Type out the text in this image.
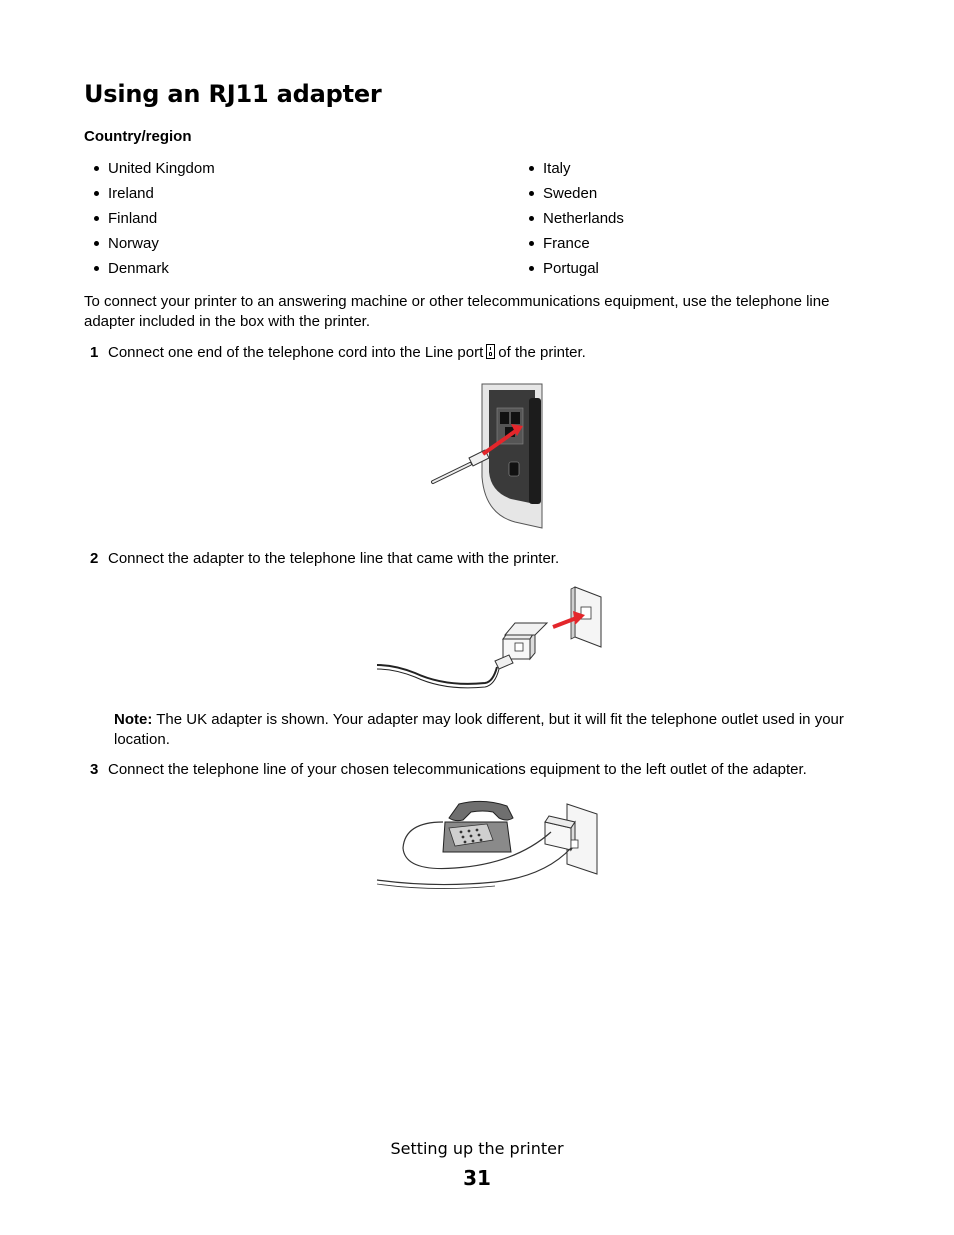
Using an RJ11 adapter
Country/region
United Kingdom
Ireland
Finland
Norway
Denmark
Italy
Sweden
Netherlands
France
Portugal

To connect your printer to an answering machine or other telecommunications equipment, use the telephone line adapter included in the box with the printer.

1 Connect one end of the telephone cord into the Line port of the printer.
2 Connect the adapter to the telephone line that came with the printer.

Note: The UK adapter is shown. Your adapter may look different, but it will fit the telephone outlet used in your location.

3 Connect the telephone line of your chosen telecommunications equipment to the left outlet of the adapter.
Setting up the printer
31
